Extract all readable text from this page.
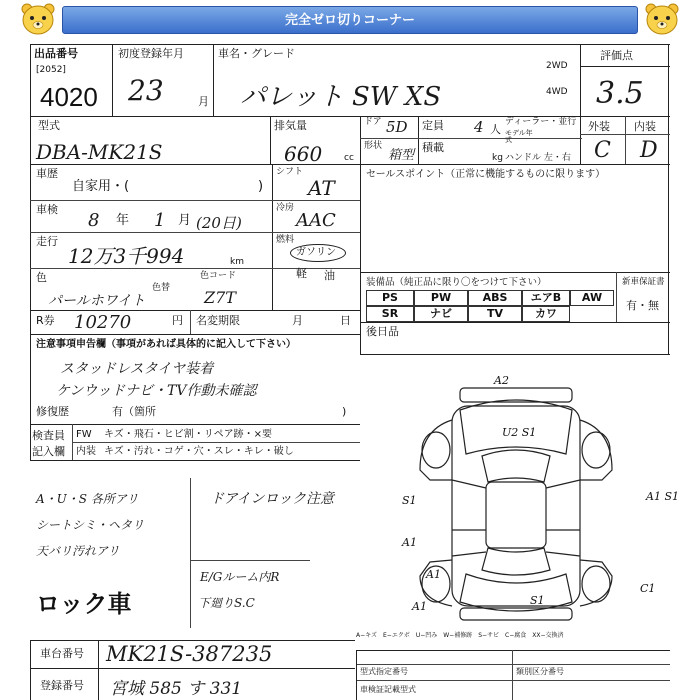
完全ゼロ切りコーナー
出品番号
[2052]
4020
初度登録年月
23	月
車名・グレード
パレット SW XS
2WD
4WD
評価点
3.5
型式
DBA-MK21S
排気量
660 cc
ドア 5D 定員 4 人
ディーラー・並行
モデル年式
形状
箱型
積載
kg ハンドル 左・右
外装 内装
C D
車歴
自家用・(	)
シフト
AT
車検
8 年 1 月 (20日)
冷房
AAC
走行
12万3千994	km
燃料
ガソリン
軽 油
色
パールホワイト
色替
色コード
Z7T
R券 10270	円 名変期限	月	日
セールスポイント（正常に機能するものに限ります）
装備品（純正品に限り〇をつけて下さい）	新車保証書
有・無
後日品
PS	PW	ABS	エアB	AW
SR	ナビ	TV	カワ
注意事項申告欄（事項があれば具体的に記入して下さい）
スタッドレスタイヤ装着
ケンウッドナビ・TV作動未確認
修復歴	有（箇所	)
検査員
記入欄
FW キズ・飛石・ヒビ割・リペア跡・×要
内装 キズ・汚れ・コゲ・穴・スレ・キレ・破し
A・U・S 各所アリ
シートシミ・ヘタリ
天バリ汚れアリ
ロック車
ドアインロック注意
E/Gルーム内R
下廻りS.C
A2
U2 S1
S1
A1
A1
A1 S1
S1
C1
A1
A−キズ　E−エクボ　U−凹み　W−補修跡　S−サビ　C−腐食　XX−交換済
車台番号 MK21S-387235
登録番号 宮城 585 す 331
型式指定番号	類別区分番号
車検証記載型式
